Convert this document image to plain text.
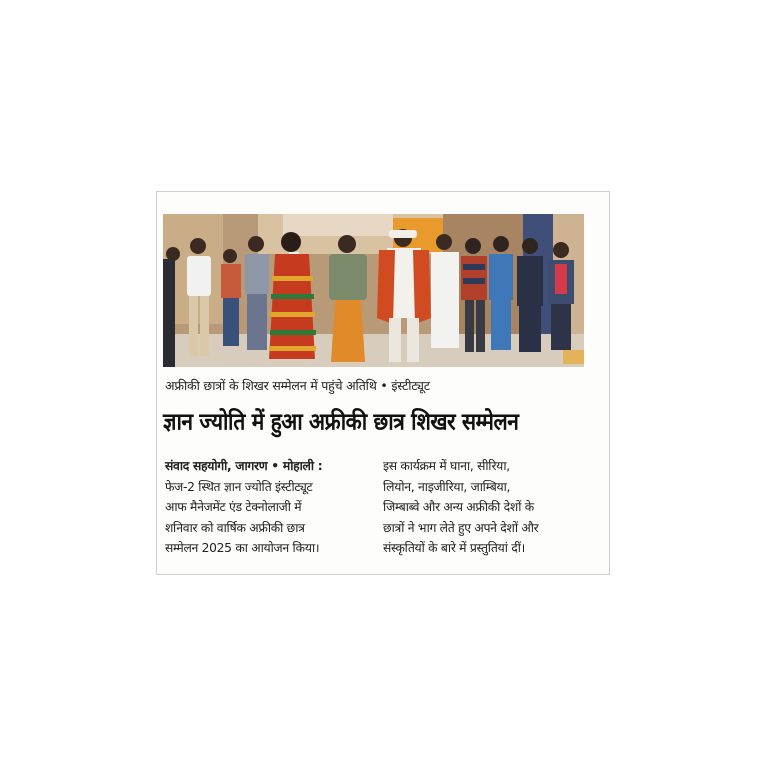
अफ्रीकी छात्रों के शिखर सम्मेलन में पहुंचे अतिथि • इंस्टीट्यूट
ज्ञान ज्योति में हुआ अफ्रीकी छात्र शिखर सम्मेलन
संवाद सहयोगी, जागरण • मोहाली :
फेज-2 स्थित ज्ञान ज्योति इंस्टीट्यूट
आफ मैनेजमेंट एंड टेक्नोलाजी में
शनिवार को वार्षिक अफ्रीकी छात्र
सम्मेलन 2025 का आयोजन किया।
इस कार्यक्रम में घाना, सीरिया,
लियोन, नाइजीरिया, जाम्बिया,
जिम्बाब्वे और अन्य अफ्रीकी देशों के
छात्रों ने भाग लेते हुए अपने देशों और
संस्कृतियों के बारे में प्रस्तुतियां दीं।
